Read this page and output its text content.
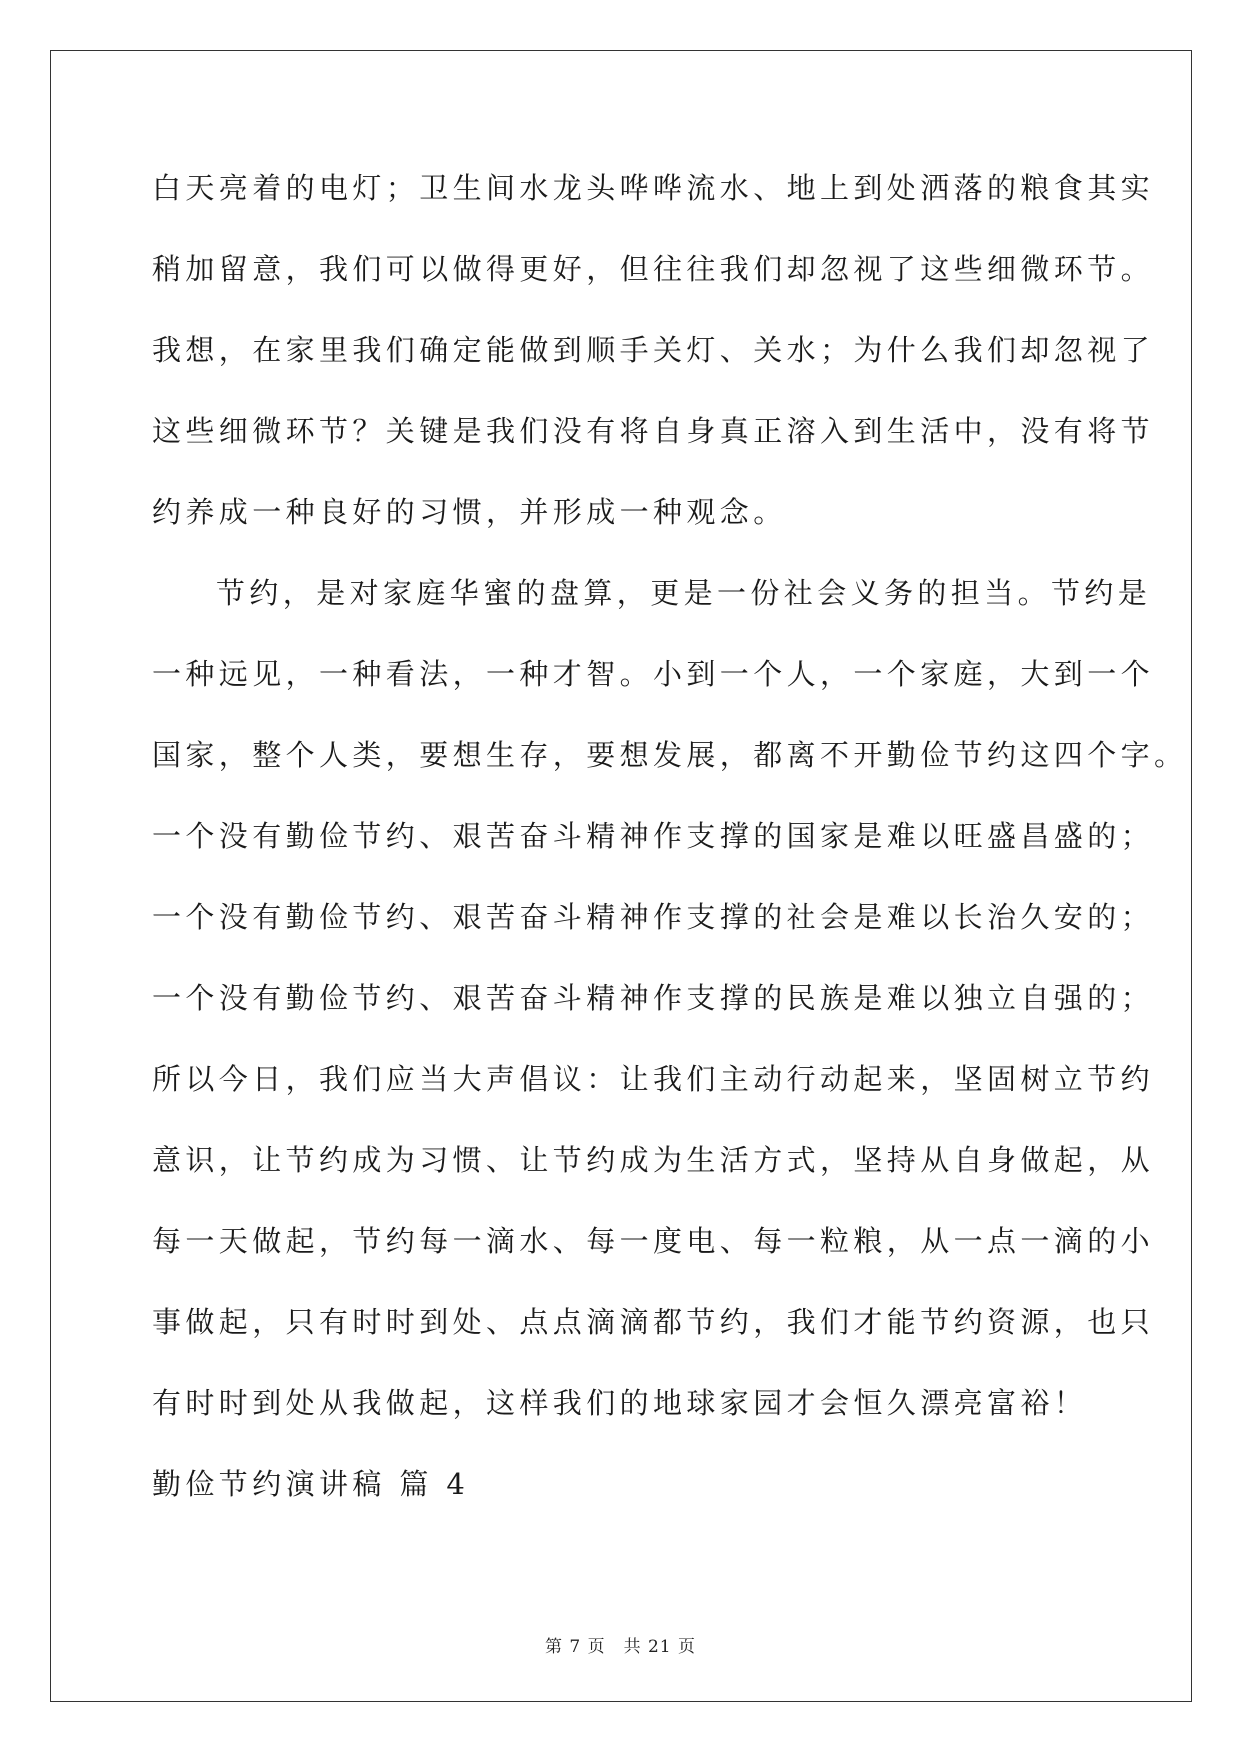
白天亮着的电灯；卫生间水龙头哗哗流水、地上到处洒落的粮食其实
稍加留意，我们可以做得更好，但往往我们却忽视了这些细微环节。
我想，在家里我们确定能做到顺手关灯、关水；为什么我们却忽视了
这些细微环节？关键是我们没有将自身真正溶入到生活中，没有将节
约养成一种良好的习惯，并形成一种观念。
节约，是对家庭华蜜的盘算，更是一份社会义务的担当。节约是
一种远见，一种看法，一种才智。小到一个人，一个家庭，大到一个
国家，整个人类，要想生存，要想发展，都离不开勤俭节约这四个字。
一个没有勤俭节约、艰苦奋斗精神作支撑的国家是难以旺盛昌盛的；
一个没有勤俭节约、艰苦奋斗精神作支撑的社会是难以长治久安的；
一个没有勤俭节约、艰苦奋斗精神作支撑的民族是难以独立自强的；
所以今日，我们应当大声倡议：让我们主动行动起来，坚固树立节约
意识，让节约成为习惯、让节约成为生活方式，坚持从自身做起，从
每一天做起，节约每一滴水、每一度电、每一粒粮，从一点一滴的小
事做起，只有时时到处、点点滴滴都节约，我们才能节约资源，也只
有时时到处从我做起，这样我们的地球家园才会恒久漂亮富裕！
勤俭节约演讲稿 篇 4
第 7 页 共 21 页
